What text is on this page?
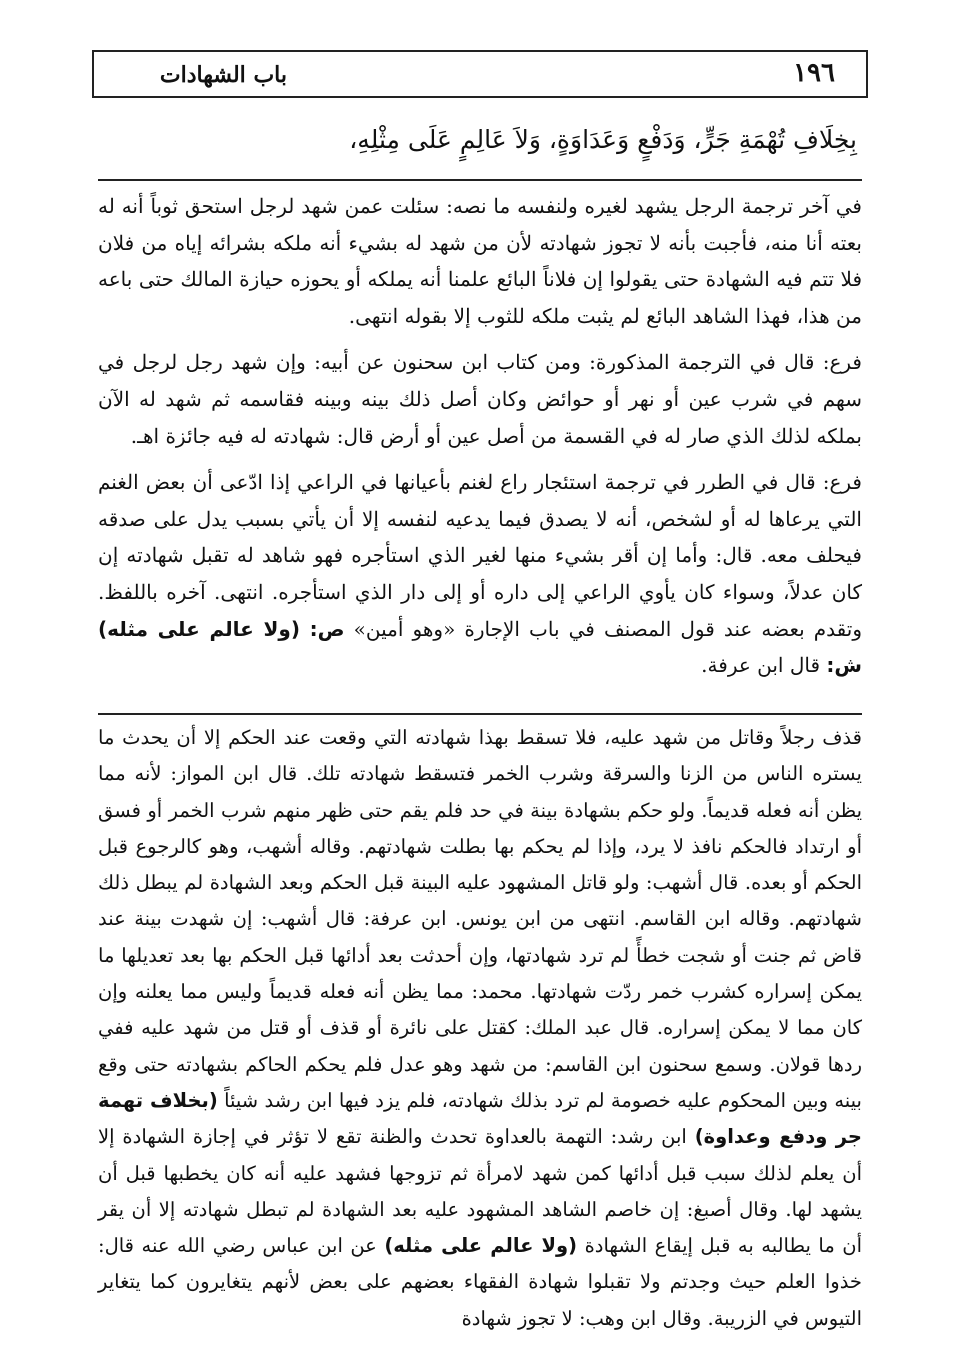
باب الشهادات	١٩٦
بِخِلَافِ تُهْمَةِ جَرٍّ، وَدَفْعٍ وَعَدَاوَةٍ، وَلاَ عَالِمٍ عَلَى مِثْلِهِ،

في آخر ترجمة الرجل يشهد لغيره ولنفسه ما نصه: سئلت عمن شهد لرجل استحق ثوباً أنه له بعته أنا منه، فأجبت بأنه لا تجوز شهادته لأن من شهد له بشيء أنه ملكه بشرائه إياه من فلان فلا تتم فيه الشهادة حتى يقولوا إن فلاناً البائع علمنا أنه يملكه أو يحوزه حيازة المالك حتى باعه من هذا، فهذا الشاهد البائع لم يثبت ملكه للثوب إلا بقوله انتهى.

فرع: قال في الترجمة المذكورة: ومن كتاب ابن سحنون عن أبيه: وإن شهد رجل لرجل في سهم في شرب عين أو نهر أو حوائض وكان أصل ذلك بينه وبينه فقاسمه ثم شهد له الآن بملكه لذلك الذي صار له في القسمة من أصل عين أو أرض قال: شهادته له فيه جائزة اهـ.

فرع: قال في الطرر في ترجمة استئجار راع لغنم بأعيانها في الراعي إذا ادّعى أن بعض الغنم التي يرعاها له أو لشخص، أنه لا يصدق فيما يدعيه لنفسه إلا أن يأتي بسبب يدل على صدقه فيحلف معه. قال: وأما إن أقر بشيء منها لغير الذي استأجره فهو شاهد له تقبل شهادته إن كان عدلاً، وسواء كان يأوي الراعي إلى داره أو إلى دار الذي استأجره. انتهى. آخره باللفظ. وتقدم بعضه عند قول المصنف في باب الإجارة «وهو أمين» ص: (ولا عالم على مثله) ش: قال ابن عرفة.

قذف رجلاً وقاتل من شهد عليه، فلا تسقط بهذا شهادته التي وقعت عند الحكم إلا أن يحدث ما يستره الناس من الزنا والسرقة وشرب الخمر فتسقط شهادته تلك. قال ابن المواز: لأنه مما يظن أنه فعله قديماً. ولو حكم بشهادة بينة في حد فلم يقم حتى ظهر منهم شرب الخمر أو فسق أو ارتداد فالحكم نافذ لا يرد، وإذا لم يحكم بها بطلت شهادتهم. وقاله أشهب، وهو كالرجوع قبل الحكم أو بعده. قال أشهب: ولو قاتل المشهود عليه البينة قبل الحكم وبعد الشهادة لم يبطل ذلك شهادتهم. وقاله ابن القاسم. انتهى من ابن يونس. ابن عرفة: قال أشهب: إن شهدت بينة عند قاض ثم جنت أو شجت خطأً لم ترد شهادتها، وإن أحدثت بعد أدائها قبل الحكم بها بعد تعديلها ما يمكن إسراره كشرب خمر ردّت شهادتها. محمد: مما يظن أنه فعله قديماً وليس مما يعلنه وإن كان مما لا يمكن إسراره. قال عبد الملك: كقتل على نائرة أو قذف أو قتل من شهد عليه ففي ردها قولان. وسمع سحنون ابن القاسم: من شهد وهو عدل فلم يحكم الحاكم بشهادته حتى وقع بينه وبين المحكوم عليه خصومة لم ترد بذلك شهادته، فلم يزد فيها ابن رشد شيئاً (بخلاف تهمة جر ودفع وعداوة) ابن رشد: التهمة بالعداوة تحدث والظنة تقع لا تؤثر في إجازة الشهادة إلا أن يعلم لذلك سبب قبل أدائها كمن شهد لامرأة ثم تزوجها فشهد عليه أنه كان يخطبها قبل أن يشهد لها. وقال أصبغ: إن خاصم الشاهد المشهود عليه بعد الشهادة لم تبطل شهادته إلا أن يقر أن ما يطالبه به قبل إيقاع الشهادة (ولا عالم على مثله) عن ابن عباس رضي الله عنه قال: خذوا العلم حيث وجدتم ولا تقبلوا شهادة الفقهاء بعضهم على بعض لأنهم يتغايرون كما يتغاير التيوس في الزريبة. وقال ابن وهب: لا تجوز شهادة
